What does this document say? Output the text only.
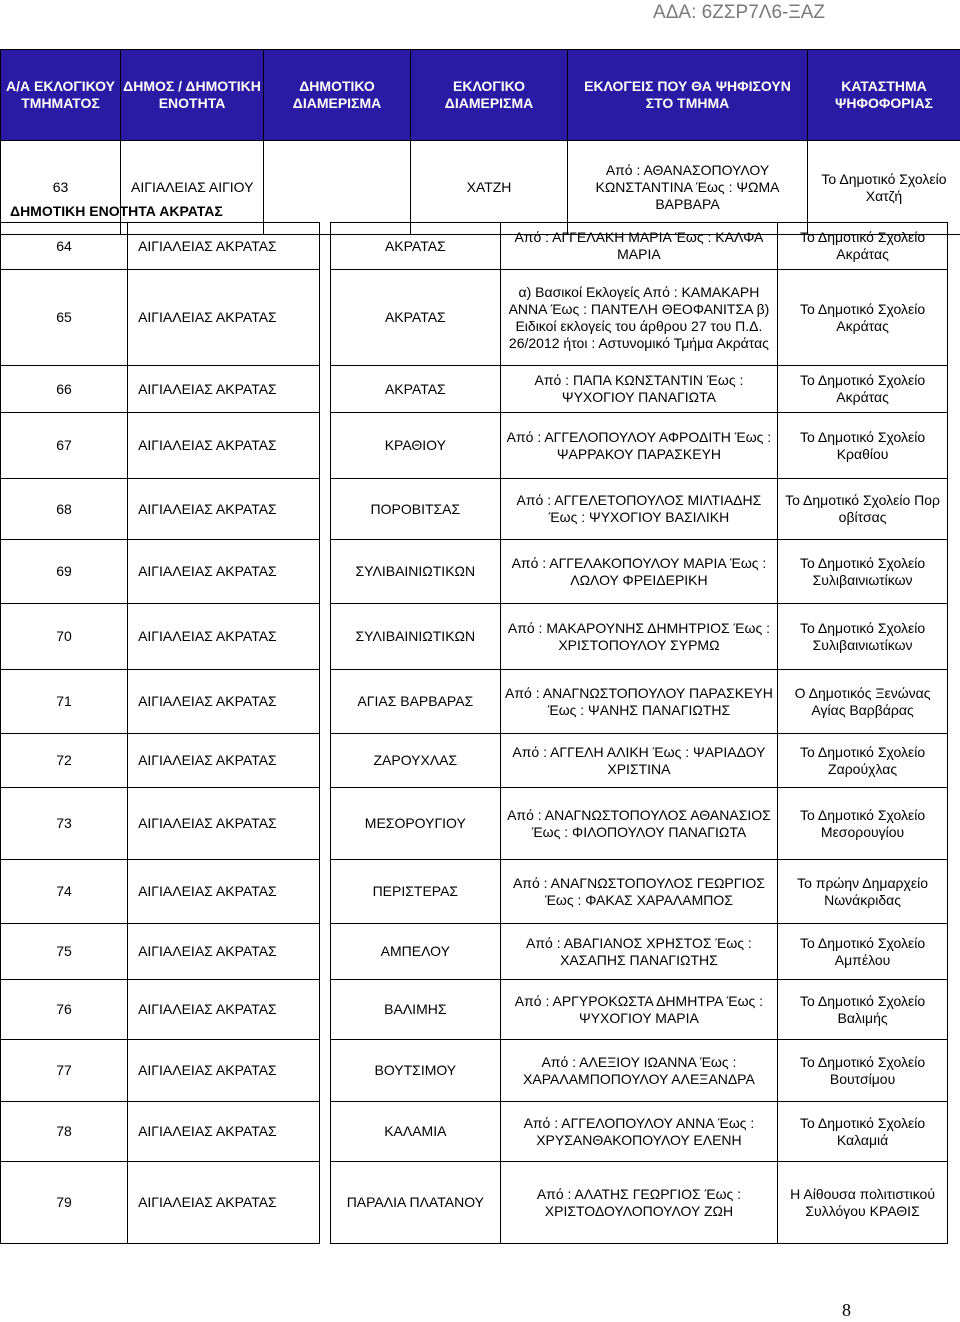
ΑΔΑ: 6ΖΣΡ7Λ6-ΞΑΖ
Α/Α ΕΚΛΟΓΙΚΟΥ ΤΜΗΜΑΤΟΣ	ΔΗΜΟΣ / ΔΗΜΟΤΙΚΗ ΕΝΟΤΗΤΑ	ΔΗΜΟΤΙΚΟ ΔΙΑΜΕΡΙΣΜΑ	ΕΚΛΟΓΙΚΟ ΔΙΑΜΕΡΙΣΜΑ	ΕΚΛΟΓΕΙΣ ΠΟΥ ΘΑ ΨΗΦΙΣΟΥΝ ΣΤΟ ΤΜΗΜΑ	ΚΑΤΑΣΤΗΜΑ ΨΗΦΟΦΟΡΙΑΣ
63	ΑΙΓΙΑΛΕΙΑΣ ΑΙΓΙΟΥ		ΧΑΤΖΗ	Από : ΑΘΑΝΑΣΟΠΟΥΛΟΥ ΚΩΝΣΤΑΝΤΙΝΑ Έως : ΨΩΜΑ ΒΑΡΒΑΡΑ	Το Δημοτικό Σχολείο Χατζή
ΔΗΜΟΤΙΚΗ ΕΝΟΤΗΤΑ ΑΚΡΑΤΑΣ
64	ΑΙΓΙΑΛΕΙΑΣ ΑΚΡΑΤΑΣ		ΑΚΡΑΤΑΣ	Από : ΑΓΓΕΛΑΚΗ ΜΑΡΙΑ Έως : ΚΑΛΦΑ ΜΑΡΙΑ	Το Δημοτικό Σχολείο Ακράτας
65	ΑΙΓΙΑΛΕΙΑΣ ΑΚΡΑΤΑΣ		ΑΚΡΑΤΑΣ	α) Βασικοί Εκλογείς Από : ΚΑΜΑΚΑΡΗ ΑΝΝΑ Έως : ΠΑΝΤΕΛΗ ΘΕΟΦΑΝΙΤΣΑ β) Ειδικοί εκλογείς του άρθρου 27 του Π.Δ. 26/2012 ήτοι : Αστυνομικό Τμήμα Ακράτας	Το Δημοτικό Σχολείο Ακράτας
66	ΑΙΓΙΑΛΕΙΑΣ ΑΚΡΑΤΑΣ		ΑΚΡΑΤΑΣ	Από : ΠΑΠΑ ΚΩΝΣΤΑΝΤΙΝ Έως : ΨΥΧΟΓΙΟΥ ΠΑΝΑΓΙΩΤΑ	Το Δημοτικό Σχολείο Ακράτας
67	ΑΙΓΙΑΛΕΙΑΣ ΑΚΡΑΤΑΣ		ΚΡΑΘΙΟΥ	Από : ΑΓΓΕΛΟΠΟΥΛΟΥ ΑΦΡΟΔΙΤΗ Έως : ΨΑΡΡΑΚΟΥ ΠΑΡΑΣΚΕΥΗ	Το Δημοτικό Σχολείο Κραθίου
68	ΑΙΓΙΑΛΕΙΑΣ ΑΚΡΑΤΑΣ		ΠΟΡΟΒΙΤΣΑΣ	Από : ΑΓΓΕΛΕΤΟΠΟΥΛΟΣ ΜΙΛΤΙΑΔΗΣ Έως : ΨΥΧΟΓΙΟΥ ΒΑΣΙΛΙΚΗ	Το Δημοτικό Σχολείο Πορ οβίτσας
69	ΑΙΓΙΑΛΕΙΑΣ ΑΚΡΑΤΑΣ		ΣΥΛΙΒΑΙΝΙΩΤΙΚΩΝ	Από : ΑΓΓΕΛΑΚΟΠΟΥΛΟΥ ΜΑΡΙΑ Έως : ΛΩΛΟΥ ΦΡΕΙΔΕΡΙΚΗ	Το Δημοτικό Σχολείο Συλιβαινιωτίκων
70	ΑΙΓΙΑΛΕΙΑΣ ΑΚΡΑΤΑΣ		ΣΥΛΙΒΑΙΝΙΩΤΙΚΩΝ	Από : ΜΑΚΑΡΟΥΝΗΣ ΔΗΜΗΤΡΙΟΣ Έως : ΧΡΙΣΤΟΠΟΥΛΟΥ ΣΥΡΜΩ	Το Δημοτικό Σχολείο Συλιβαινιωτίκων
71	ΑΙΓΙΑΛΕΙΑΣ ΑΚΡΑΤΑΣ		ΑΓΙΑΣ ΒΑΡΒΑΡΑΣ	Από : ΑΝΑΓΝΩΣΤΟΠΟΥΛΟΥ ΠΑΡΑΣΚΕΥΗ Έως : ΨΑΝΗΣ ΠΑΝΑΓΙΩΤΗΣ	Ο Δημοτικός Ξενώνας Αγίας Βαρβάρας
72	ΑΙΓΙΑΛΕΙΑΣ ΑΚΡΑΤΑΣ		ΖΑΡΟΥΧΛΑΣ	Από : ΑΓΓΕΛΗ ΑΛΙΚΗ Έως : ΨΑΡΙΑΔΟΥ ΧΡΙΣΤΙΝΑ	Το Δημοτικό Σχολείο Ζαρούχλας
73	ΑΙΓΙΑΛΕΙΑΣ ΑΚΡΑΤΑΣ		ΜΕΣΟΡΟΥΓΙΟΥ	Από : ΑΝΑΓΝΩΣΤΟΠΟΥΛΟΣ ΑΘΑΝΑΣΙΟΣ Έως : ΦΙΛΟΠΟΥΛΟΥ ΠΑΝΑΓΙΩΤΑ	Το Δημοτικό Σχολείο Μεσορουγίου
74	ΑΙΓΙΑΛΕΙΑΣ ΑΚΡΑΤΑΣ		ΠΕΡΙΣΤΕΡΑΣ	Από : ΑΝΑΓΝΩΣΤΟΠΟΥΛΟΣ ΓΕΩΡΓΙΟΣ Έως : ΦΑΚΑΣ ΧΑΡΑΛΑΜΠΟΣ	Το πρώην Δημαρχείο Νωνάκριδας
75	ΑΙΓΙΑΛΕΙΑΣ ΑΚΡΑΤΑΣ		ΑΜΠΕΛΟΥ	Από : ΑΒΑΓΙΑΝΟΣ ΧΡΗΣΤΟΣ Έως : ΧΑΣΑΠΗΣ ΠΑΝΑΓΙΩΤΗΣ	Το Δημοτικό Σχολείο Αμπέλου
76	ΑΙΓΙΑΛΕΙΑΣ ΑΚΡΑΤΑΣ		ΒΑΛΙΜΗΣ	Από : ΑΡΓΥΡΟΚΩΣΤΑ ΔΗΜΗΤΡΑ Έως : ΨΥΧΟΓΙΟΥ ΜΑΡΙΑ	Το Δημοτικό Σχολείο Βαλιμής
77	ΑΙΓΙΑΛΕΙΑΣ ΑΚΡΑΤΑΣ		ΒΟΥΤΣΙΜΟΥ	Από : ΑΛΕΞΙΟΥ ΙΩΑΝΝΑ Έως : ΧΑΡΑΛΑΜΠΟΠΟΥΛΟΥ ΑΛΕΞΑΝΔΡΑ	Το Δημοτικό Σχολείο Βουτσίμου
78	ΑΙΓΙΑΛΕΙΑΣ ΑΚΡΑΤΑΣ		ΚΑΛΑΜΙΑ	Από : ΑΓΓΕΛΟΠΟΥΛΟΥ ΑΝΝΑ Έως : ΧΡΥΣΑΝΘΑΚΟΠΟΥΛΟΥ ΕΛΕΝΗ	Το Δημοτικό Σχολείο Καλαμιά
79	ΑΙΓΙΑΛΕΙΑΣ ΑΚΡΑΤΑΣ		ΠΑΡΑΛΙΑ ΠΛΑΤΑΝΟΥ	Από : ΑΛΑΤΗΣ ΓΕΩΡΓΙΟΣ Έως : ΧΡΙΣΤΟΔΟΥΛΟΠΟΥΛΟΥ ΖΩΗ	Η Αίθουσα πολιτιστικού Συλλόγου ΚΡΑΘΙΣ
8
